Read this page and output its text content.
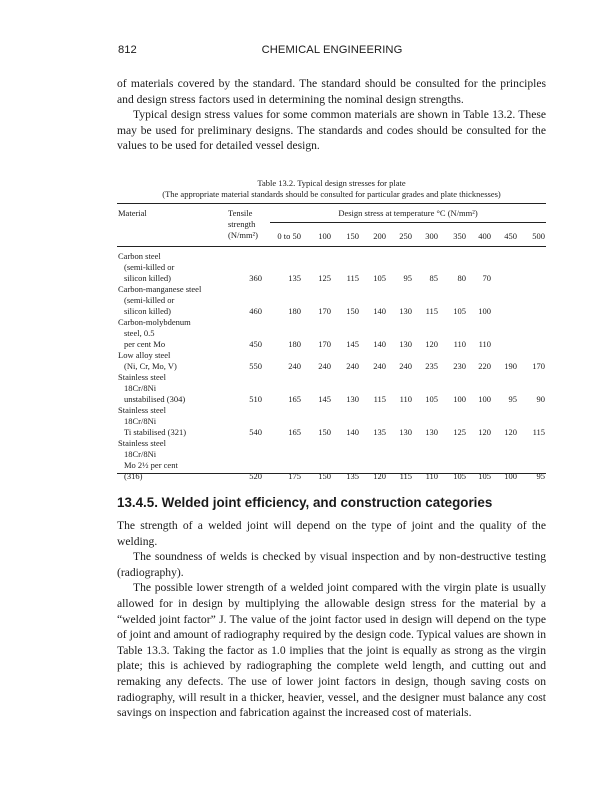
812	CHEMICAL ENGINEERING

of materials covered by the standard. The standard should be consulted for the principles and design stress factors used in determining the nominal design strengths.

Typical design stress values for some common materials are shown in Table 13.2. These may be used for preliminary designs. The standards and codes should be consulted for the values to be used for detailed vessel design.

Table 13.2. Typical design stresses for plate
(The appropriate material standards should be consulted for particular grades and plate thicknesses)
Material	Tensile
strength
(N/mm²)
Design stress at temperature °C (N/mm²)
0 to 50	100	150	200	250	300	350	400	450	500
Carbon steel
(semi-killed or
silicon killed)	360	135	125	115	105	95	85	80	70
Carbon-manganese steel
(semi-killed or
silicon killed)	460	180	170	150	140	130	115	105	100
Carbon-molybdenum
steel, 0.5
per cent Mo	450	180	170	145	140	130	120	110	110
Low alloy steel
(Ni, Cr, Mo, V)	550	240	240	240	240	240	235	230	220	190	170
Stainless steel
18Cr/8Ni
unstabilised (304)	510	165	145	130	115	110	105	100	100	95	90
Stainless steel
18Cr/8Ni
Ti stabilised (321)	540	165	150	140	135	130	130	125	120	120	115
Stainless steel
18Cr/8Ni
Mo 2½ per cent
(316)	520	175	150	135	120	115	110	105	105	100	95
13.4.5. Welded joint efficiency, and construction categories

The strength of a welded joint will depend on the type of joint and the quality of the welding.

The soundness of welds is checked by visual inspection and by non-destructive testing (radiography).

The possible lower strength of a welded joint compared with the virgin plate is usually allowed for in design by multiplying the allowable design stress for the material by a “welded joint factor” J. The value of the joint factor used in design will depend on the type of joint and amount of radiography required by the design code. Typical values are shown in Table 13.3. Taking the factor as 1.0 implies that the joint is equally as strong as the virgin plate; this is achieved by radiographing the complete weld length, and cutting out and remaking any defects. The use of lower joint factors in design, though saving costs on radiography, will result in a thicker, heavier, vessel, and the designer must balance any cost savings on inspection and fabrication against the increased cost of materials.
